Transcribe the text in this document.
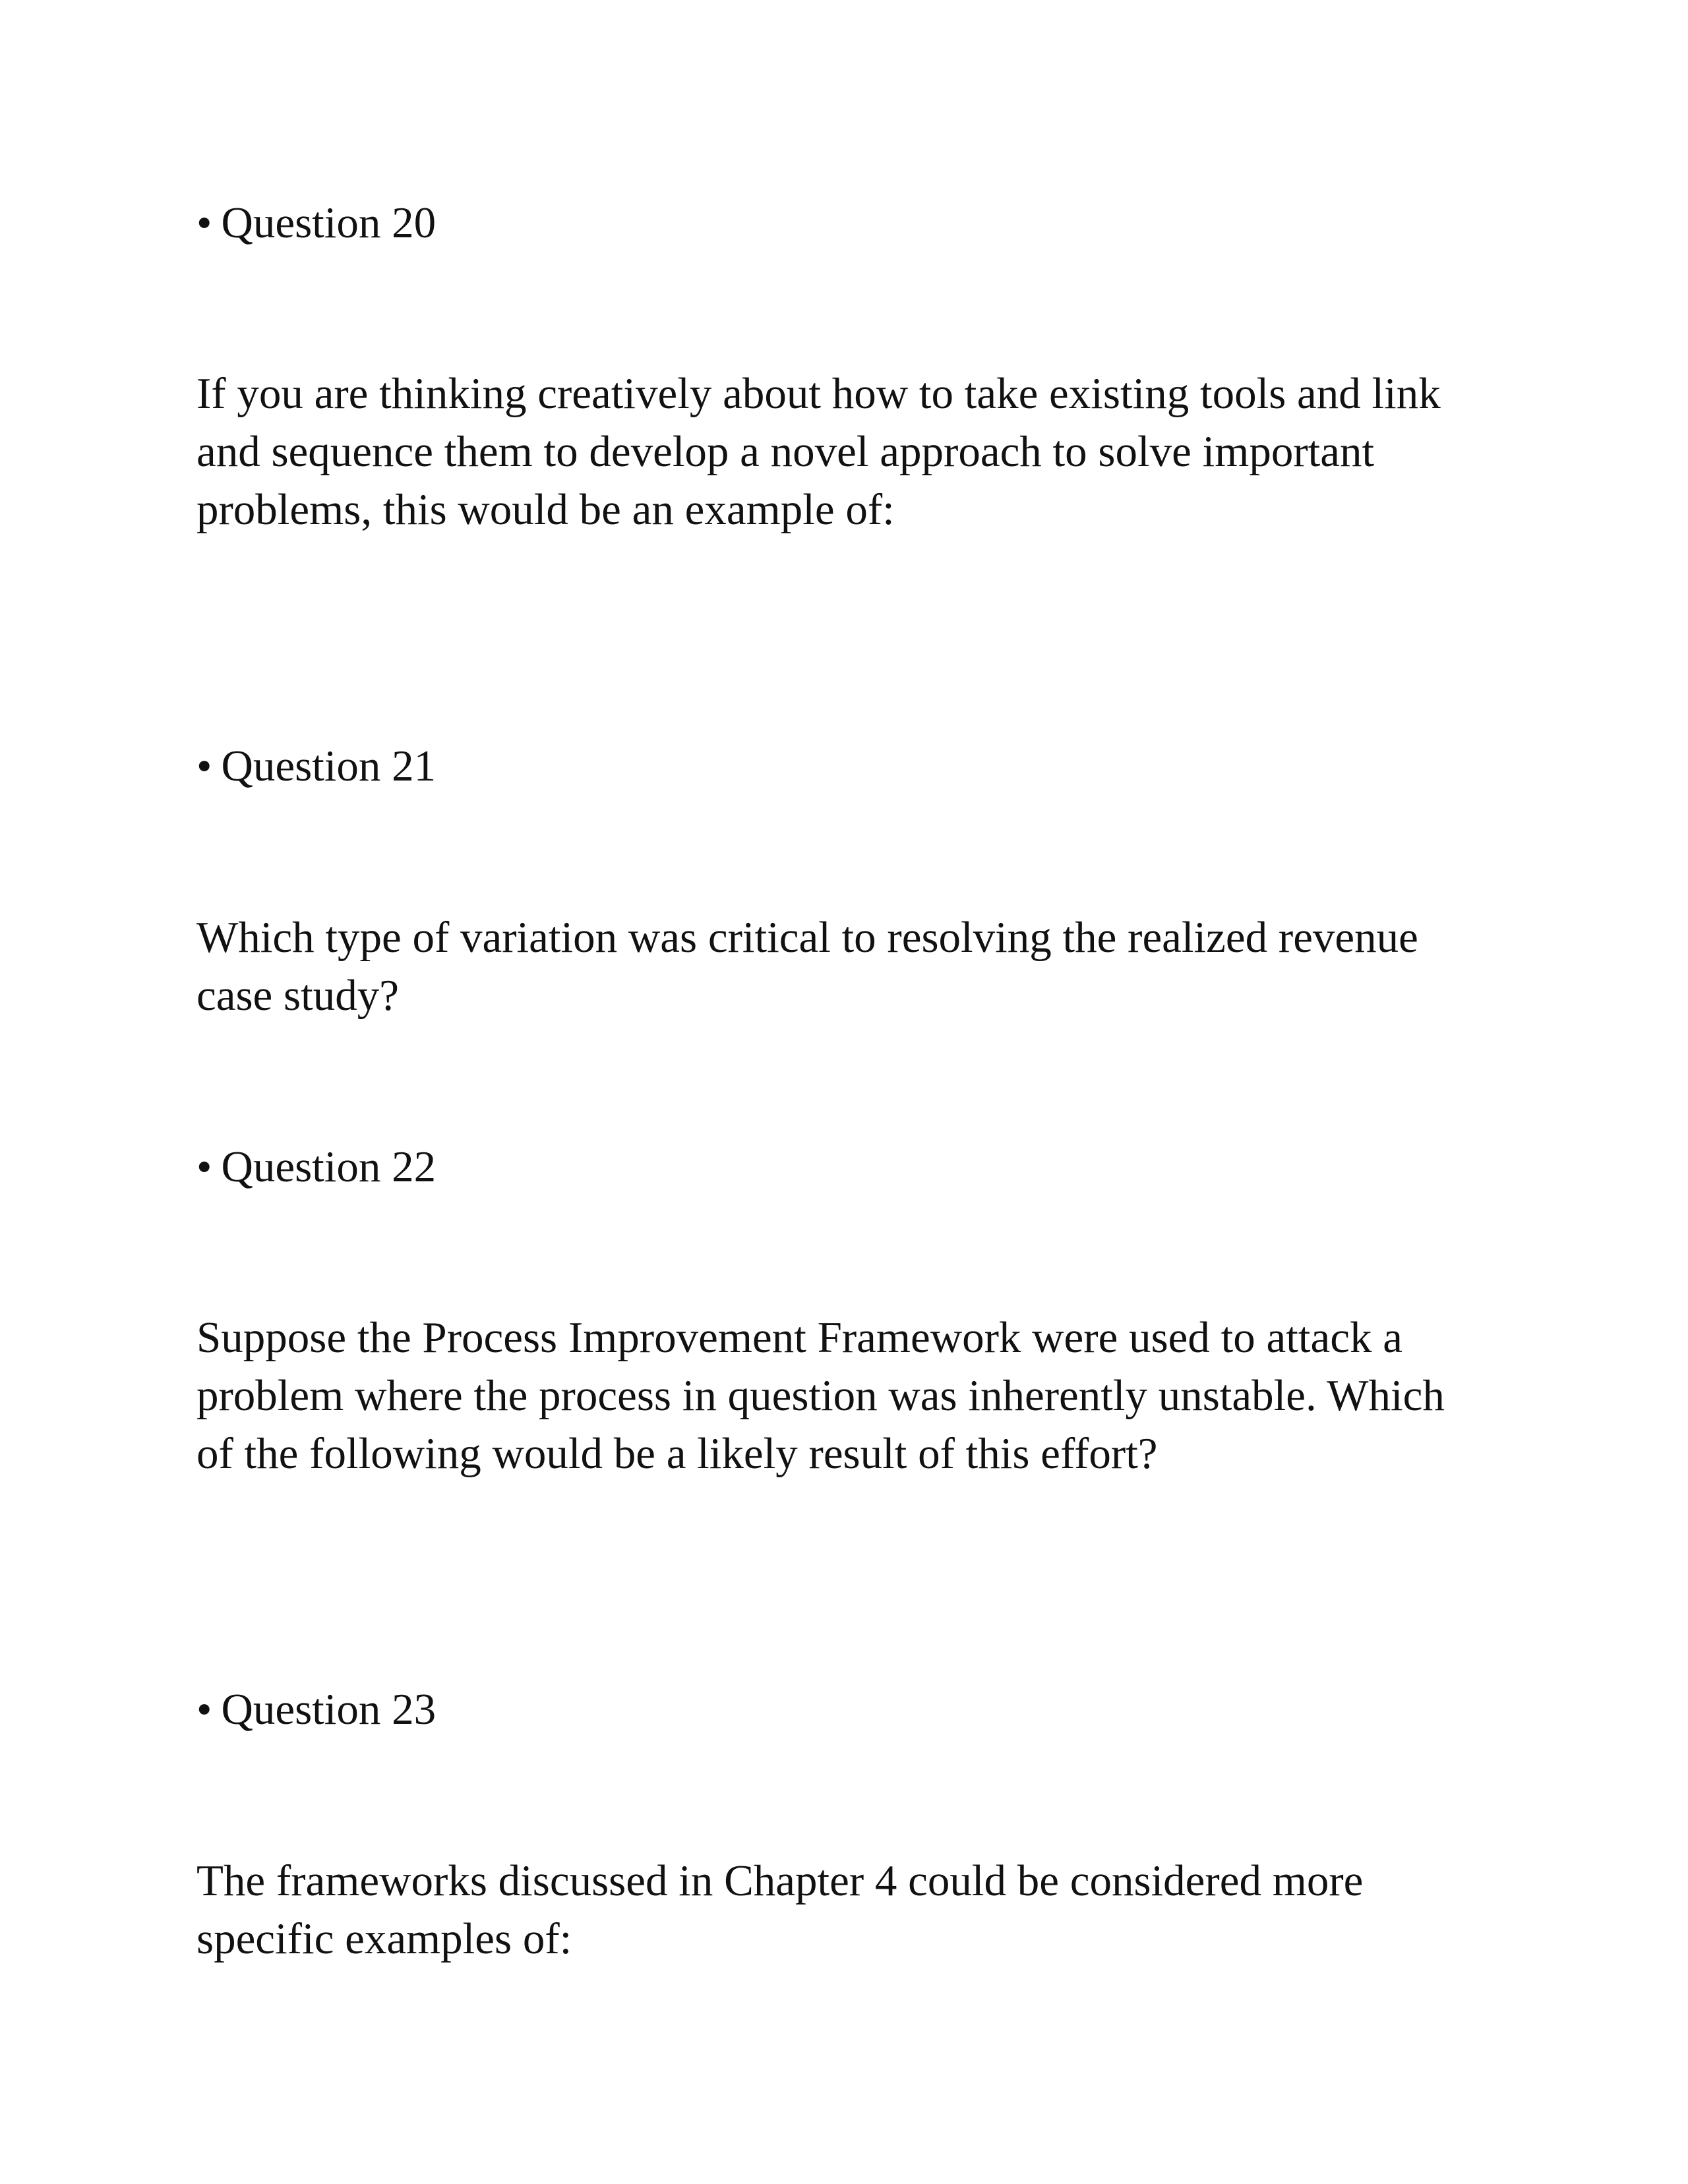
• Question 20

If you are thinking creatively about how to take existing tools and link
and sequence them to develop a novel approach to solve important
problems, this would be an example of:

• Question 21

Which type of variation was critical to resolving the realized revenue
case study?

• Question 22

Suppose the Process Improvement Framework were used to attack a
problem where the process in question was inherently unstable. Which
of the following would be a likely result of this effort?

• Question 23

The frameworks discussed in Chapter 4 could be considered more
specific examples of:
